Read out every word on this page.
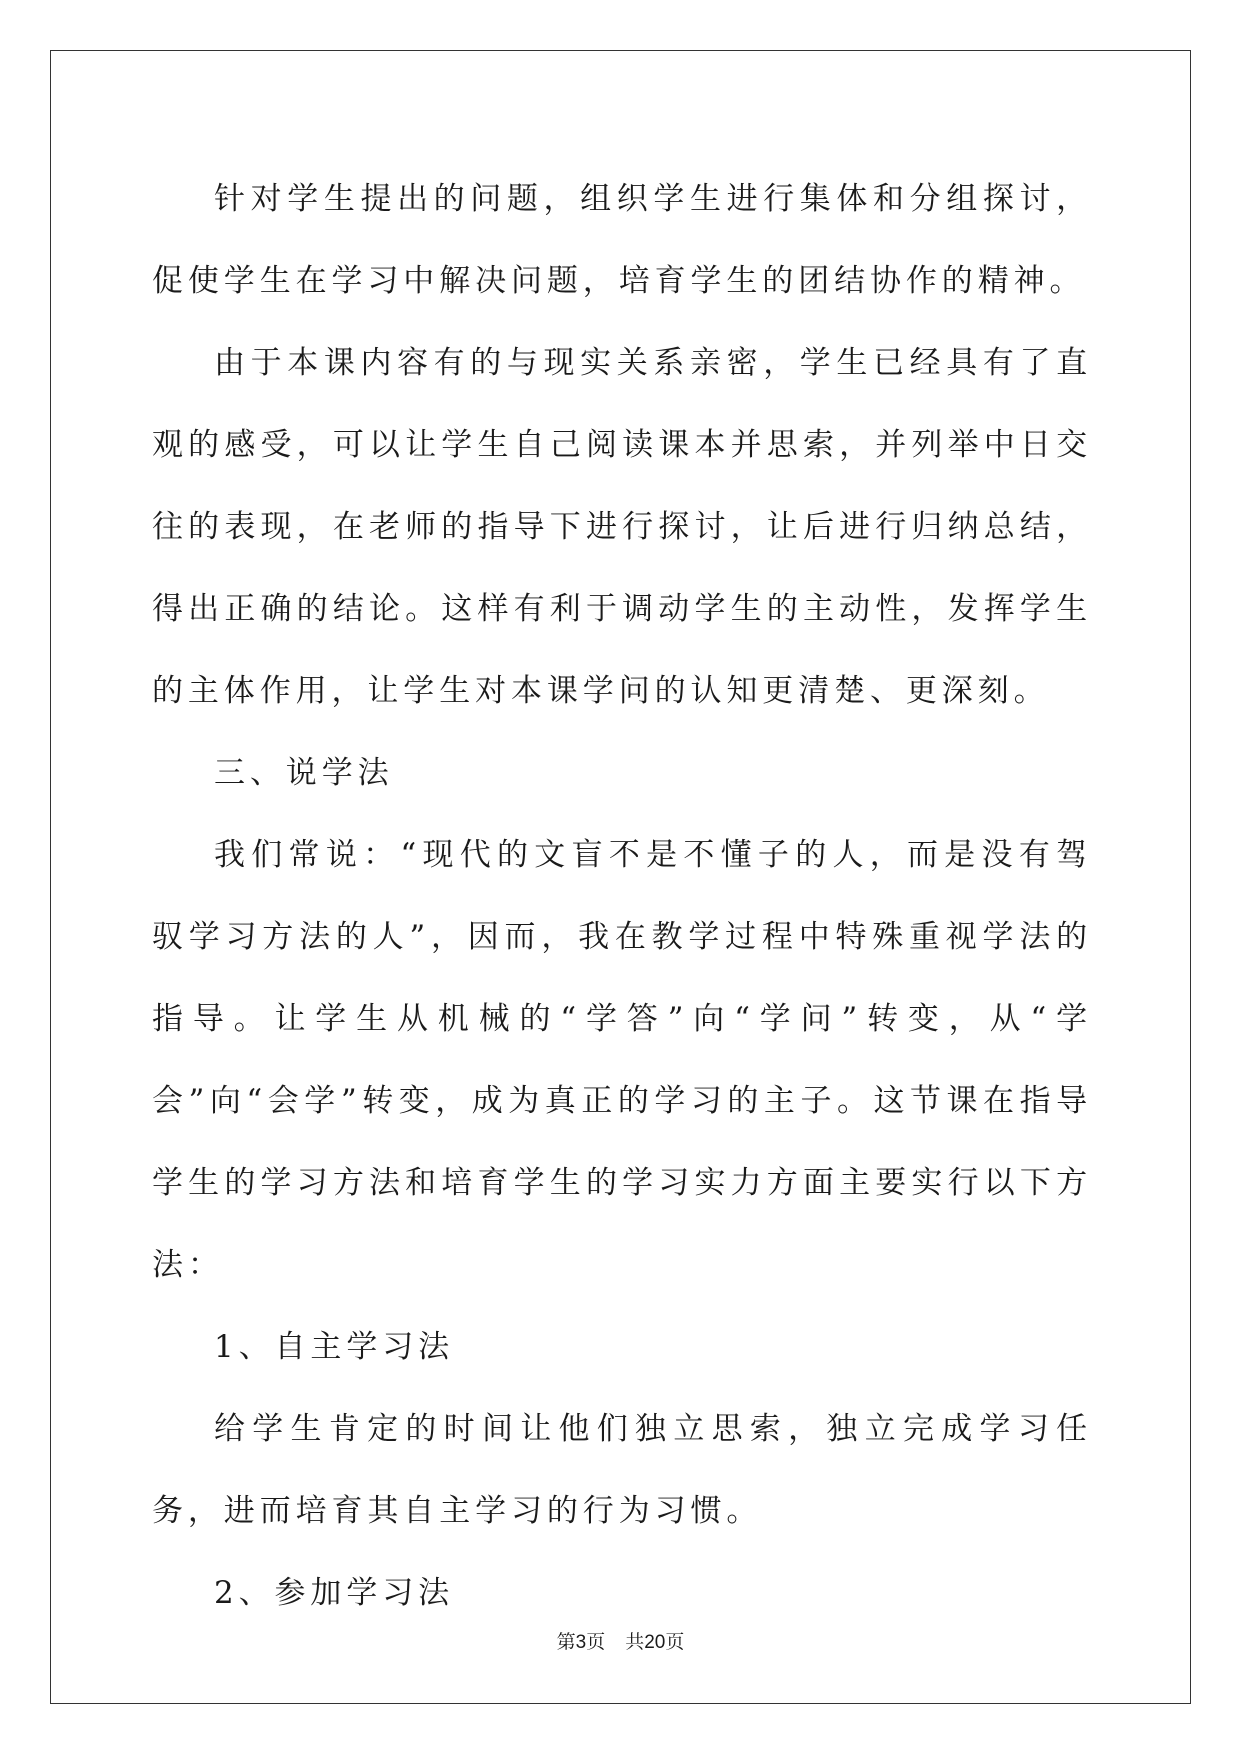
针对学生提出的问题，组织学生进行集体和分组探讨，促使学生在学习中解决问题，培育学生的团结协作的精神。

由于本课内容有的与现实关系亲密，学生已经具有了直观的感受，可以让学生自己阅读课本并思索，并列举中日交往的表现，在老师的指导下进行探讨，让后进行归纳总结，得出正确的结论。这样有利于调动学生的主动性，发挥学生的主体作用，让学生对本课学问的认知更清楚、更深刻。

三、说学法

我们常说：“现代的文盲不是不懂子的人，而是没有驾驭学习方法的人”，因而，我在教学过程中特殊重视学法的指导。让学生从机械的“学答”向“学问”转变，从“学会”向“会学”转变，成为真正的学习的主子。这节课在指导学生的学习方法和培育学生的学习实力方面主要实行以下方法：

1、自主学习法

给学生肯定的时间让他们独立思索，独立完成学习任务，进而培育其自主学习的行为习惯。

2、参加学习法

第3页 共20页
